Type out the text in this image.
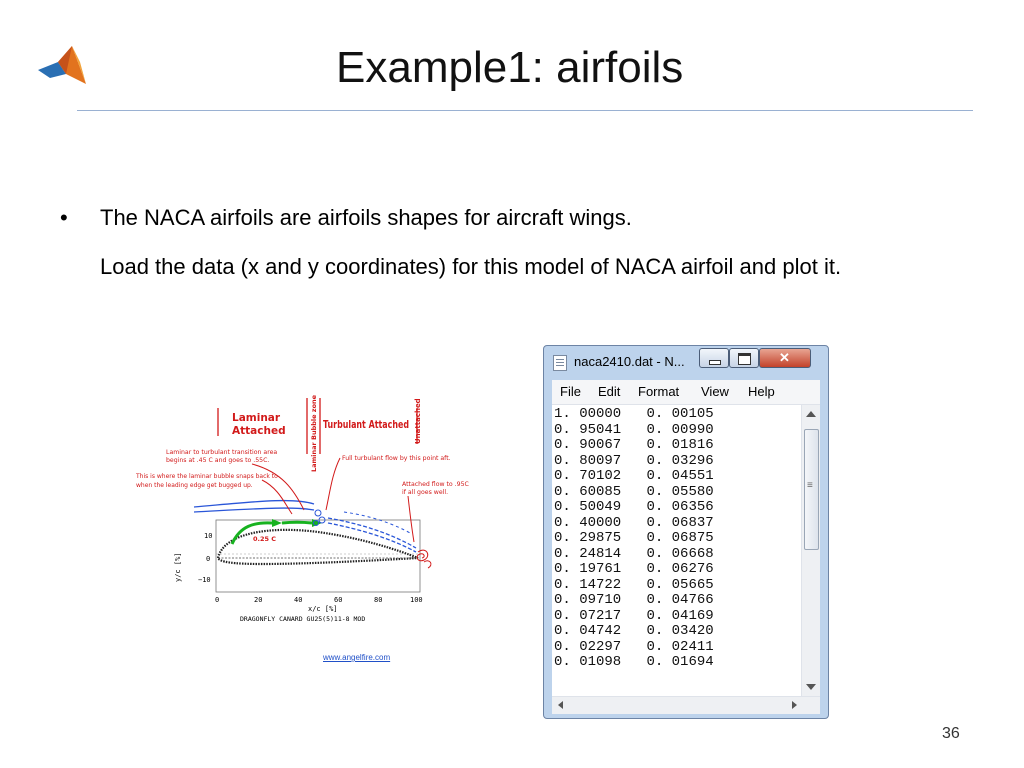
Example1: airfoils
•	The NACA airfoils are airfoils shapes for aircraft wings.
Load the data (x and y coordinates) for this model of NACA airfoil and plot it.
10
0
−10
0	20	40	60	80	100
x/c [%]
y/c [%]
DRAGONFLY CANARD GU25(5)11-8 MOD
0.25 C
Laminar Attached	Laminar Bubble zone Turbulant Attached Unattached
Laminar to turbulant transition area begins at .45 C and goes to .55C.
This is where the laminar bubble snaps back to when the leading edge get bugged up.
Full turbulant flow by this point aft.
Attached flow to .95C if all goes well.
www.angelfire.com
naca2410.dat - N...
✕
File Edit Format View Help
1. 00000 0. 00105
0. 95041 0. 00990
0. 90067 0. 01816
0. 80097 0. 03296
0. 70102 0. 04551
0. 60085 0. 05580
0. 50049 0. 06356
0. 40000 0. 06837
0. 29875 0. 06875
0. 24814 0. 06668
0. 19761 0. 06276
0. 14722 0. 05665
0. 09710 0. 04766
0. 07217 0. 04169
0. 04742 0. 03420
0. 02297 0. 02411
0. 01098 0. 01694
≡
36
